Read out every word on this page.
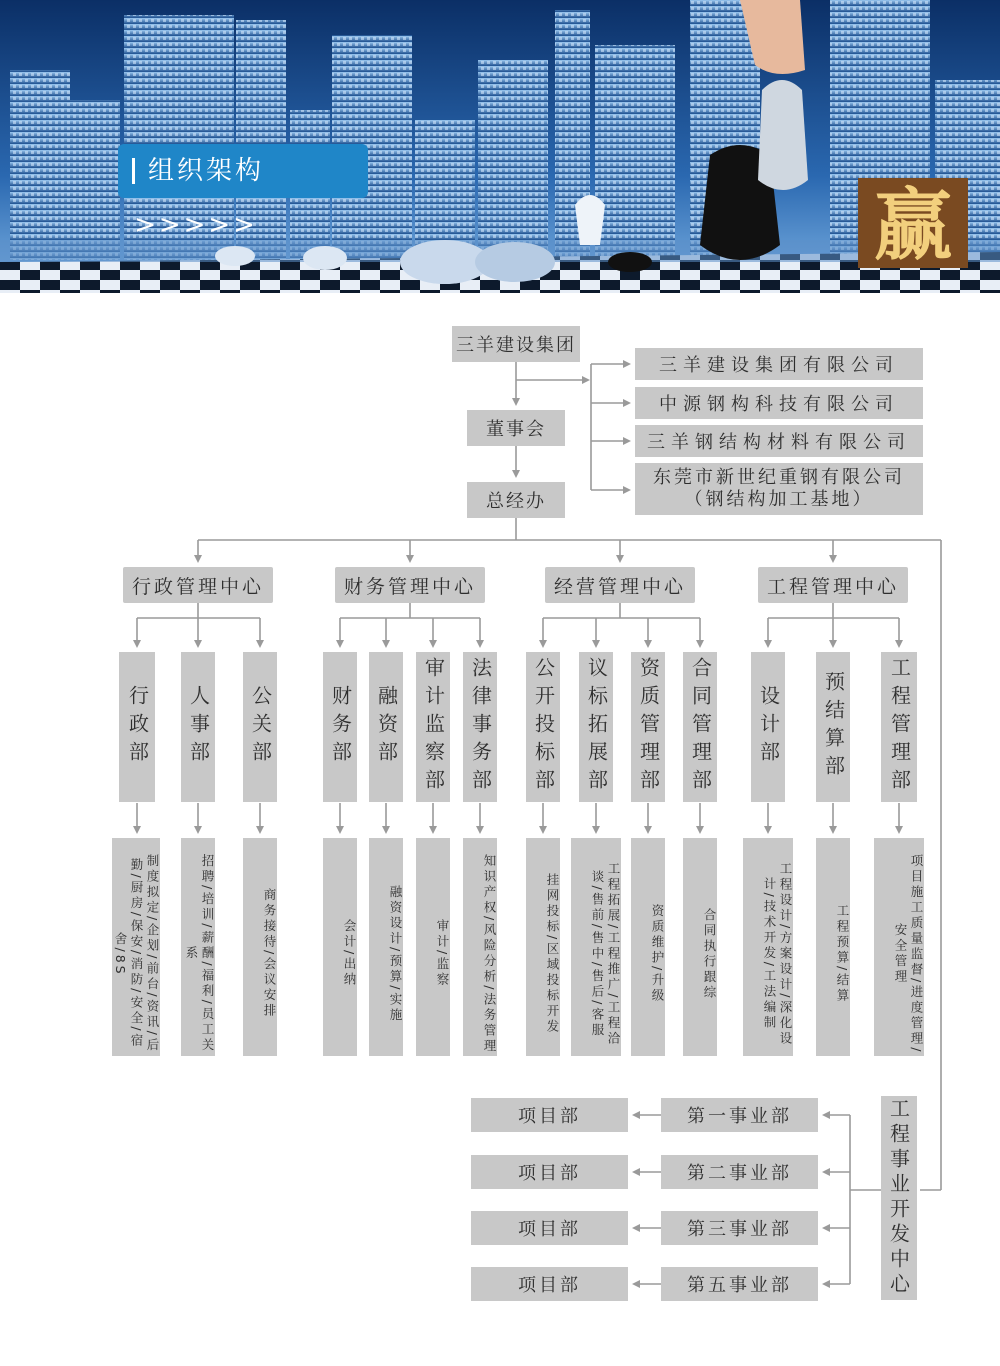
赢
组织架构>>>>>
三羊建设集团
董事会
总经办
三羊建设集团有限公司
中源钢构科技有限公司
三羊钢结构材料有限公司
东莞市新世纪重钢有限公司
（钢结构加工基地）
行政管理中心	财务管理中心	经营管理中心	工程管理中心
行政部 人事部 公关部	财务部 融资部 审计监察部 法律事务部 公开投标部 议标拓展部 资质管理部 合同管理部 设计部 预结算部 工程管理部
制度拟定/企划/前台/资讯/后勤/厨房/保安/消防/安全/宿舍/8S	招聘/培训/薪酬/福利/员工关系	商务接待/会议安排	会计/出纳 融资设计/预算/实施	审计/监察	知识产权/风险分析/法务管理	挂网投标/区域投标开发	工程拓展/工程推广/工程洽谈/售前/售中/售后/客服	资质维护/升级	合同执行跟综	工程设计/方案设计/深化设计/技术开发/工法编制	工程预算/结算	项目施工质量监督/进度管理/安全管理
工程事业开发中心
第一事业部
第二事业部
第三事业部
第五事业部
项目部
项目部
项目部
项目部
